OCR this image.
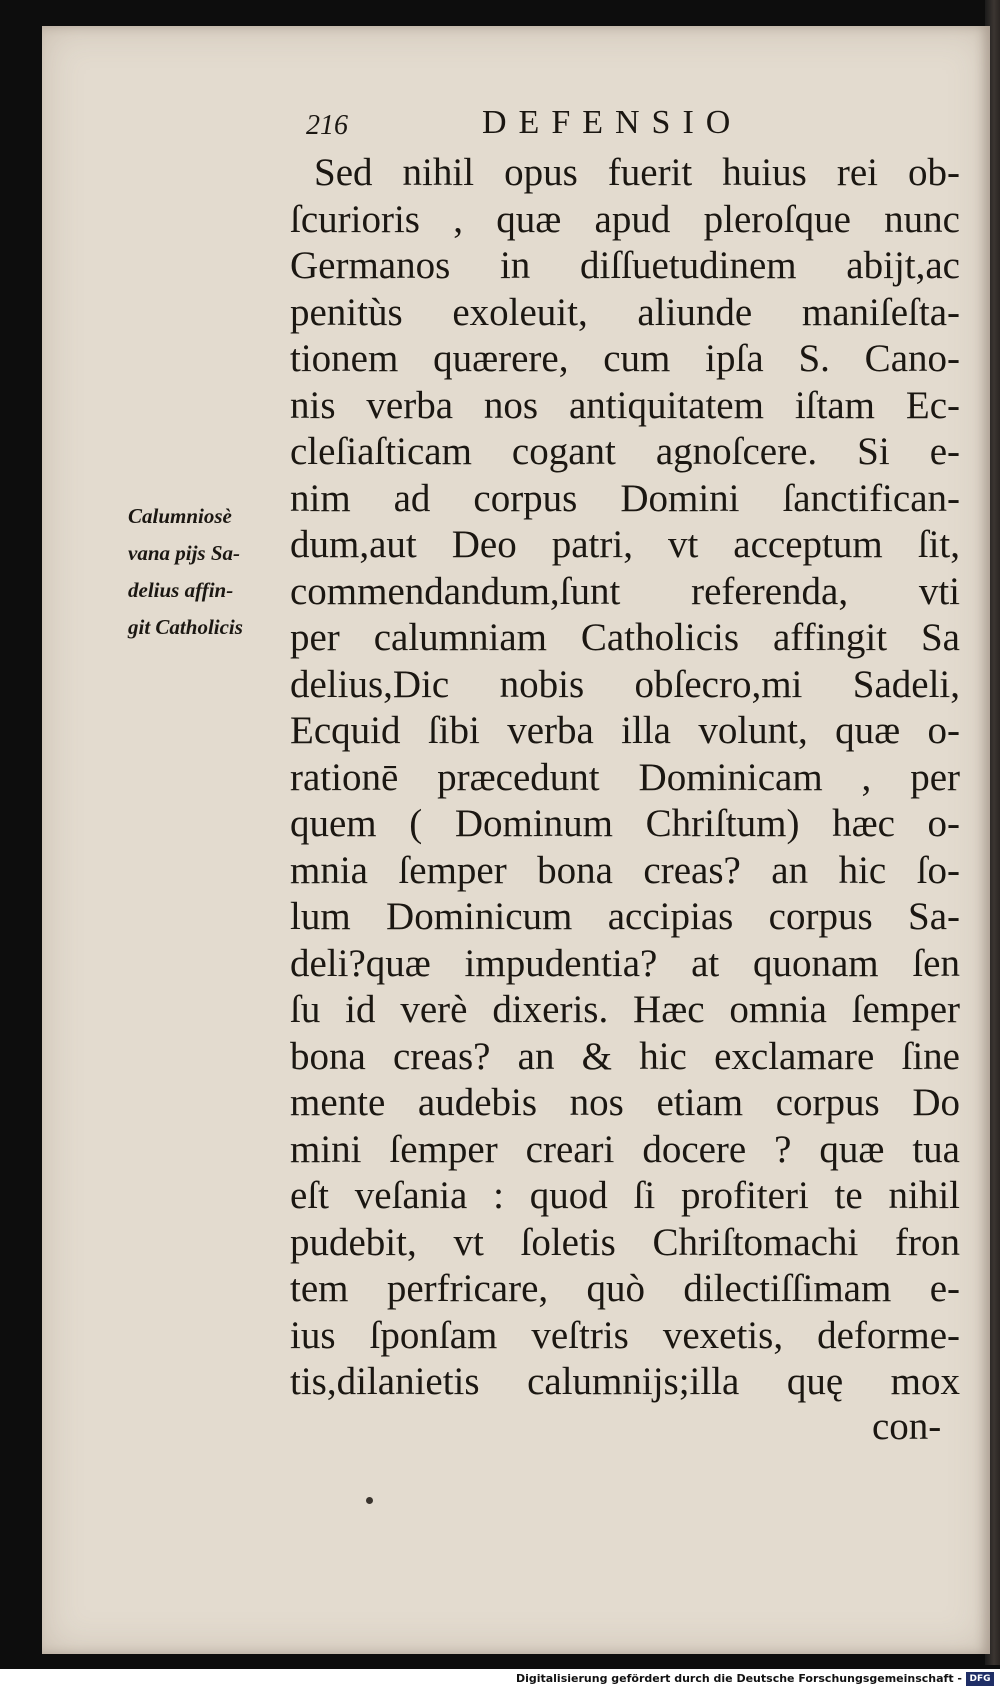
216	DEFENSIO
Calumniosè
vana pijs Sa-
delius affin-
git Catholicis
Sed nihil opus fuerit huius rei ob-
ſcurioris , quæ apud pleroſque nunc
Germanos in diſſuetudinem abijt,ac
penitùs exoleuit, aliunde maniſeſta-
tionem quærere, cum ipſa S. Cano-
nis verba nos antiquitatem iſtam Ec-
cleſiaſticam cogant agnoſcere. Si e-
nim ad corpus Domini ſanctifican-
dum,aut Deo patri, vt acceptum ſit,
commendandum,ſunt referenda, vti
per calumniam Catholicis affingit Sa
delius,Dic nobis obſecro,mi Sadeli,
Ecquid ſibi verba illa volunt, quæ o-
rationē præcedunt Dominicam , per
quem ( Dominum Chriſtum) hæc o-
mnia ſemper bona creas? an hic ſo-
lum Dominicum accipias corpus Sa-
deli?quæ impudentia? at quonam ſen
ſu id verè dixeris. Hæc omnia ſemper
bona creas? an & hic exclamare ſine
mente audebis nos etiam corpus Do
mini ſemper creari docere ? quæ tua
eſt veſania : quod ſi profiteri te nihil
pudebit, vt ſoletis Chriſtomachi fron
tem perfricare, quò dilectiſſimam e-
ius ſponſam veſtris vexetis, deforme-
tis,dilanietis calumnijs;illa quę mox
con-
Digitalisierung gefördert durch die Deutsche Forschungsgemeinschaft - DFG
